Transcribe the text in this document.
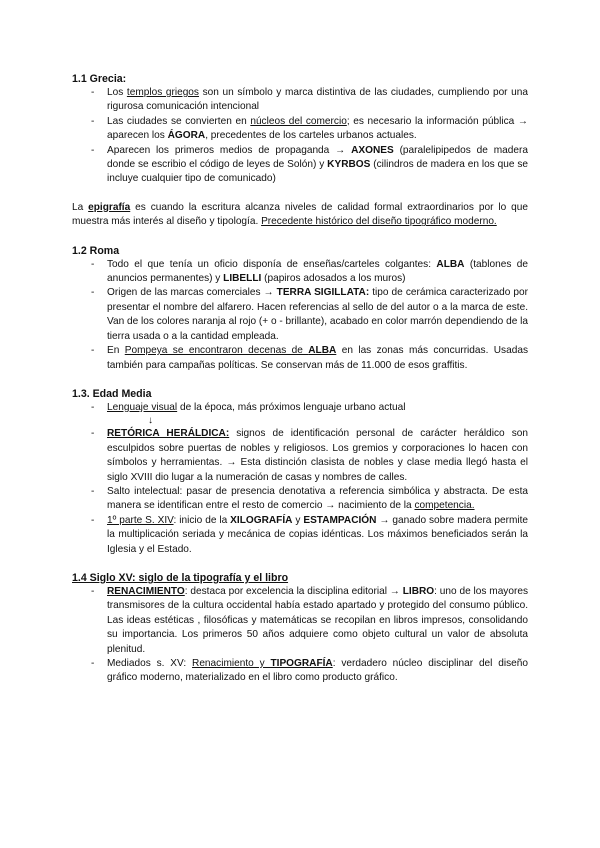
1.1 Grecia:
- Los templos griegos son un símbolo y marca distintiva de las ciudades, cumpliendo por una rigurosa comunicación intencional
- Las ciudades se convierten en núcleos del comercio; es necesario la información pública → aparecen los ÁGORA, precedentes de los carteles urbanos actuales.
- Aparecen los primeros medios de propaganda → AXONES (paralelipipedos de madera donde se escribio el código de leyes de Solón) y KYRBOS (cilindros de madera en los que se incluye cualquier tipo de comunicado)

La epigrafía es cuando la escritura alcanza niveles de calidad formal extraordinarios por lo que muestra más interés al diseño y tipología. Precedente histórico del diseño tipográfico moderno.

1.2 Roma
- Todo el que tenía un oficio disponía de enseñas/carteles colgantes: ALBA (tablones de anuncios permanentes) y LIBELLI (papiros adosados a los muros)
- Origen de las marcas comerciales → TERRA SIGILLATA: tipo de cerámica caracterizado por presentar el nombre del alfarero. Hacen referencias al sello de del autor o a la marca de este. Van de los colores naranja al rojo (+ o - brillante), acabado en color marrón dependiendo de la tierra usada o a la cantidad empleada.
- En Pompeya se encontraron decenas de ALBA en las zonas más concurridas. Usadas también para campañas políticas. Se conservan más de 11.000 de esos graffitis.
1.3. Edad Media
- Lenguaje visual de la época, más próximos lenguaje urbano actual
↓
- RETÓRICA HERÁLDICA: signos de identificación personal de carácter heráldico son esculpidos sobre puertas de nobles y religiosos. Los gremios y corporaciones lo hacen con símbolos y herramientas. → Esta distinción clasista de nobles y clase media llegó hasta el siglo XVIII dio lugar a la numeración de casas y nombres de calles.
- Salto intelectual: pasar de presencia denotativa a referencia simbólica y abstracta. De esta manera se identifican entre el resto de comercio → nacimiento de la competencia.
- 1º parte S. XIV: inicio de la XILOGRAFÍA y ESTAMPACIÓN → ganado sobre madera permite la multiplicación seriada y mecánica de copias idénticas. Los máximos beneficiados serán la Iglesia y el Estado.
1.4 Siglo XV: siglo de la tipografía y el libro
- RENACIMIENTO: destaca por excelencia la disciplina editorial → LIBRO: uno de los mayores transmisores de la cultura occidental había estado apartado y protegido del consumo público. Las ideas estéticas , filosóficas y matemáticas se recopilan en libros impresos, consolidando su importancia. Los primeros 50 años adquiere como objeto cultural un valor de absoluta plenitud.
- Mediados s. XV: Renacimiento y TIPOGRAFÍA: verdadero núcleo disciplinar del diseño gráfico moderno, materializado en el libro como producto gráfico.
